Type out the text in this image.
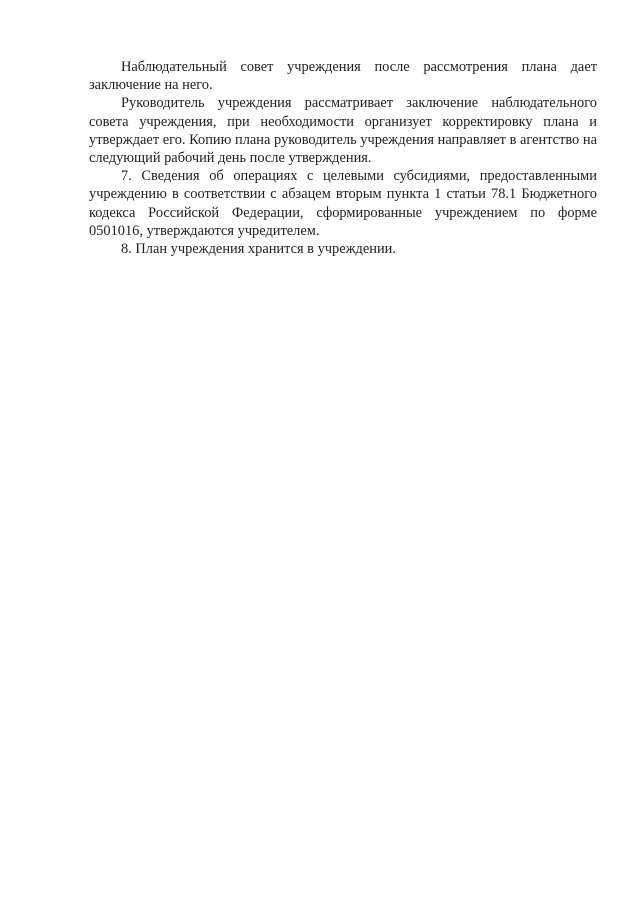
Наблюдательный совет учреждения после рассмотрения плана дает заключение на него.

Руководитель учреждения рассматривает заключение наблюдательного совета учреждения, при необходимости организует корректировку плана и утверждает его. Копию плана руководитель учреждения направляет в агентство на следующий рабочий день после утверждения.

7. Сведения об операциях с целевыми субсидиями, предоставленными учреждению в соответствии с абзацем вторым пункта 1 статьи 78.1 Бюджетного кодекса Российской Федерации, сформированные учреждением по форме 0501016, утверждаются учредителем.

8. План учреждения хранится в учреждении.
